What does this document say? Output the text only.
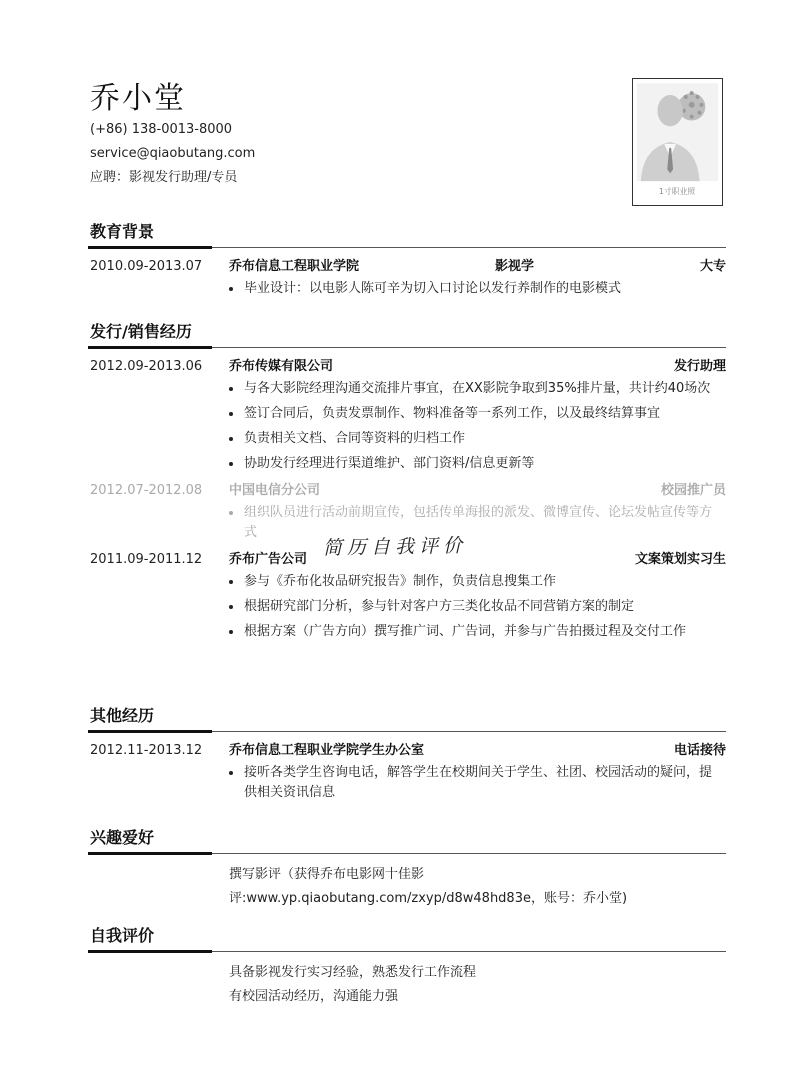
乔小堂
(+86) 138-0013-8000
service@qiaobutang.com
应聘：影视发行助理/专员
1寸职业照
教育背景
2010.09-2013.07 乔布信息工程职业学院	影视学	大专
毕业设计：以电影人陈可辛为切入口讨论以发行养制作的电影模式
发行/销售经历
2012.09-2013.06 乔布传媒有限公司	发行助理
与各大影院经理沟通交流排片事宜，在XX影院争取到35%排片量，共计约40场次
签订合同后，负责发票制作、物料准备等一系列工作，以及最终结算事宜
负责相关文档、合同等资料的归档工作
协助发行经理进行渠道维护、部门资料/信息更新等
2012.07-2012.08 中国电信分公司	校园推广员
组织队员进行活动前期宣传，包括传单海报的派发、微博宣传、论坛发帖宣传等方式
2011.09-2011.12 乔布广告公司	文案策划实习生
参与《乔布化妆品研究报告》制作，负责信息搜集工作
根据研究部门分析，参与针对客户方三类化妆品不同营销方案的制定
根据方案（广告方向）撰写推广词、广告词，并参与广告拍摄过程及交付工作
其他经历
2012.11-2013.12 乔布信息工程职业学院学生办公室	电话接待
接听各类学生咨询电话，解答学生在校期间关于学生、社团、校园活动的疑问，提供相关资讯信息
兴趣爱好

撰写影评（获得乔布电影网十佳影

评:www.yp.qiaobutang.com/zxyp/d8w48hd83e，账号：乔小堂)

自我评价

具备影视发行实习经验，熟悉发行工作流程

有校园活动经历，沟通能力强

简历自我评价
